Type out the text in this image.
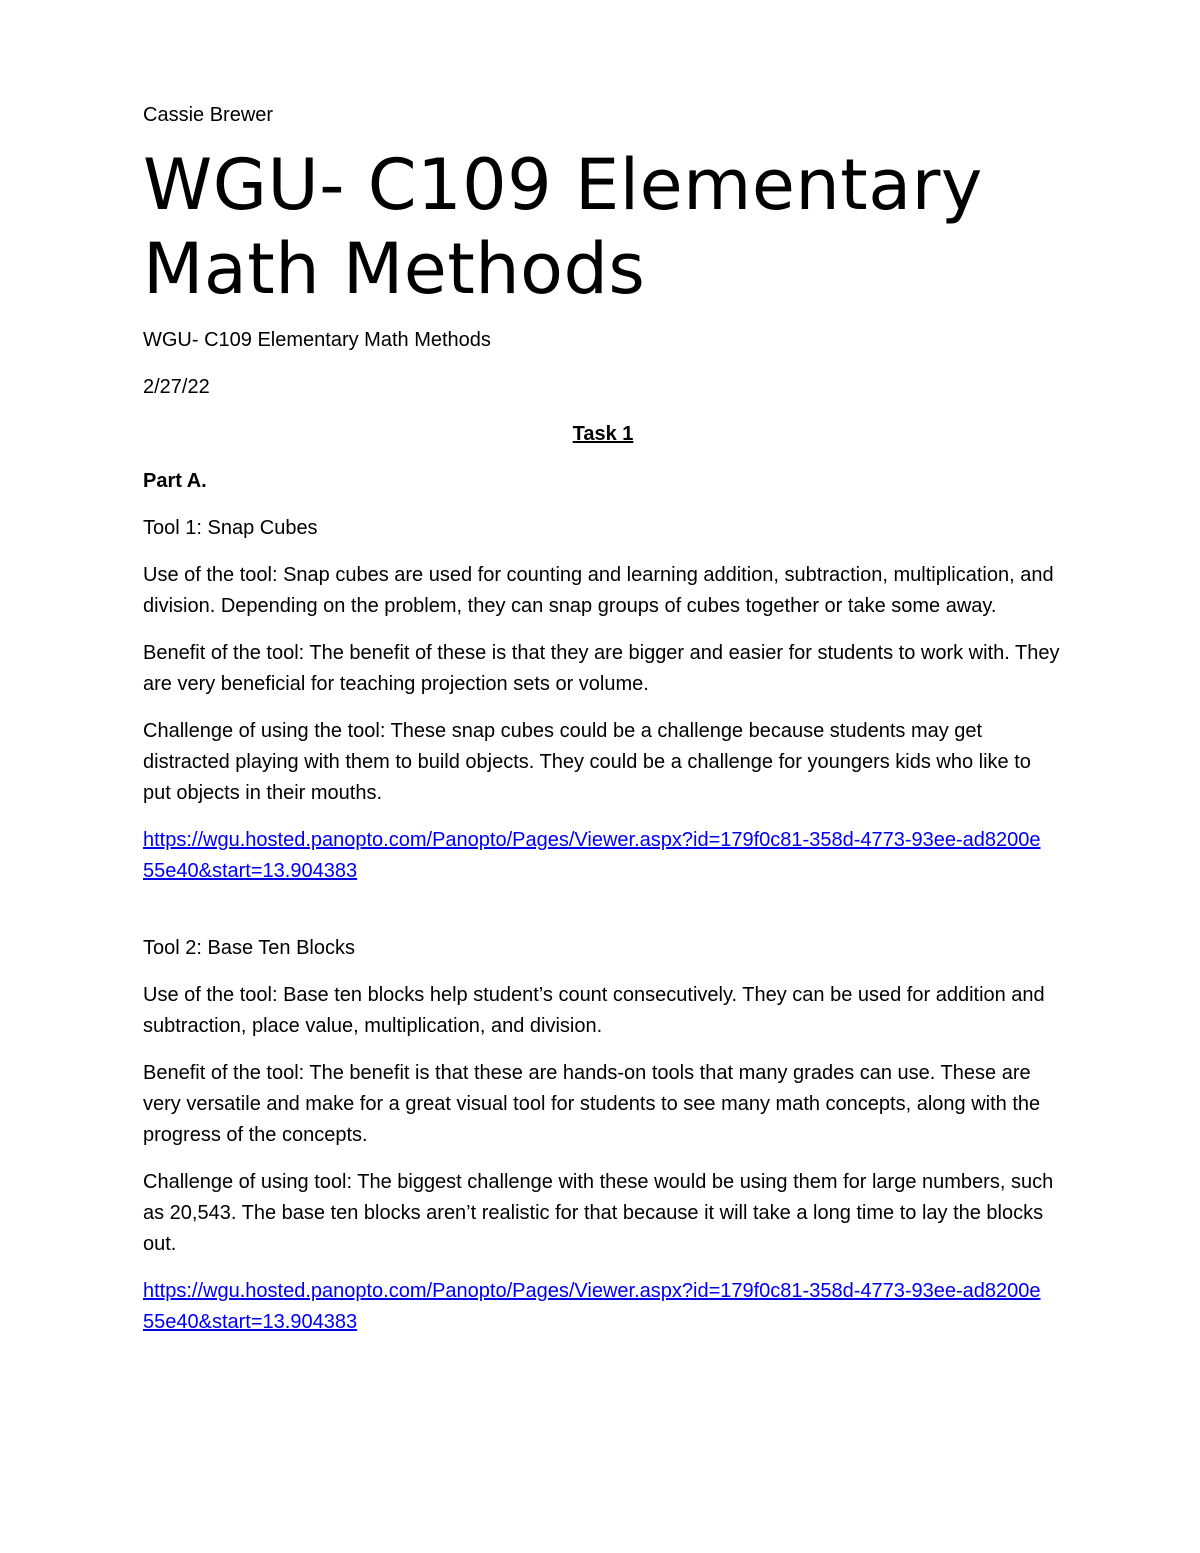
Cassie Brewer

WGU- C109 Elementary Math Methods

WGU- C109 Elementary Math Methods

2/27/22

Task 1

Part A.

Tool 1: Snap Cubes

Use of the tool: Snap cubes are used for counting and learning addition, subtraction, multiplication, and division. Depending on the problem, they can snap groups of cubes together or take some away.

Benefit of the tool: The benefit of these is that they are bigger and easier for students to work with. They are very beneficial for teaching projection sets or volume.

Challenge of using the tool: These snap cubes could be a challenge because students may get distracted playing with them to build objects. They could be a challenge for youngers kids who like to put objects in their mouths.

https://wgu.hosted.panopto.com/Panopto/Pages/Viewer.aspx?id=179f0c81-358d-4773-93ee-ad8200e55e40&start=13.904383

Tool 2: Base Ten Blocks

Use of the tool: Base ten blocks help student’s count consecutively. They can be used for addition and subtraction, place value, multiplication, and division.

Benefit of the tool: The benefit is that these are hands-on tools that many grades can use. These are very versatile and make for a great visual tool for students to see many math concepts, along with the progress of the concepts.

Challenge of using tool: The biggest challenge with these would be using them for large numbers, such as 20,543. The base ten blocks aren’t realistic for that because it will take a long time to lay the blocks out.

https://wgu.hosted.panopto.com/Panopto/Pages/Viewer.aspx?id=179f0c81-358d-4773-93ee-ad8200e55e40&start=13.904383
